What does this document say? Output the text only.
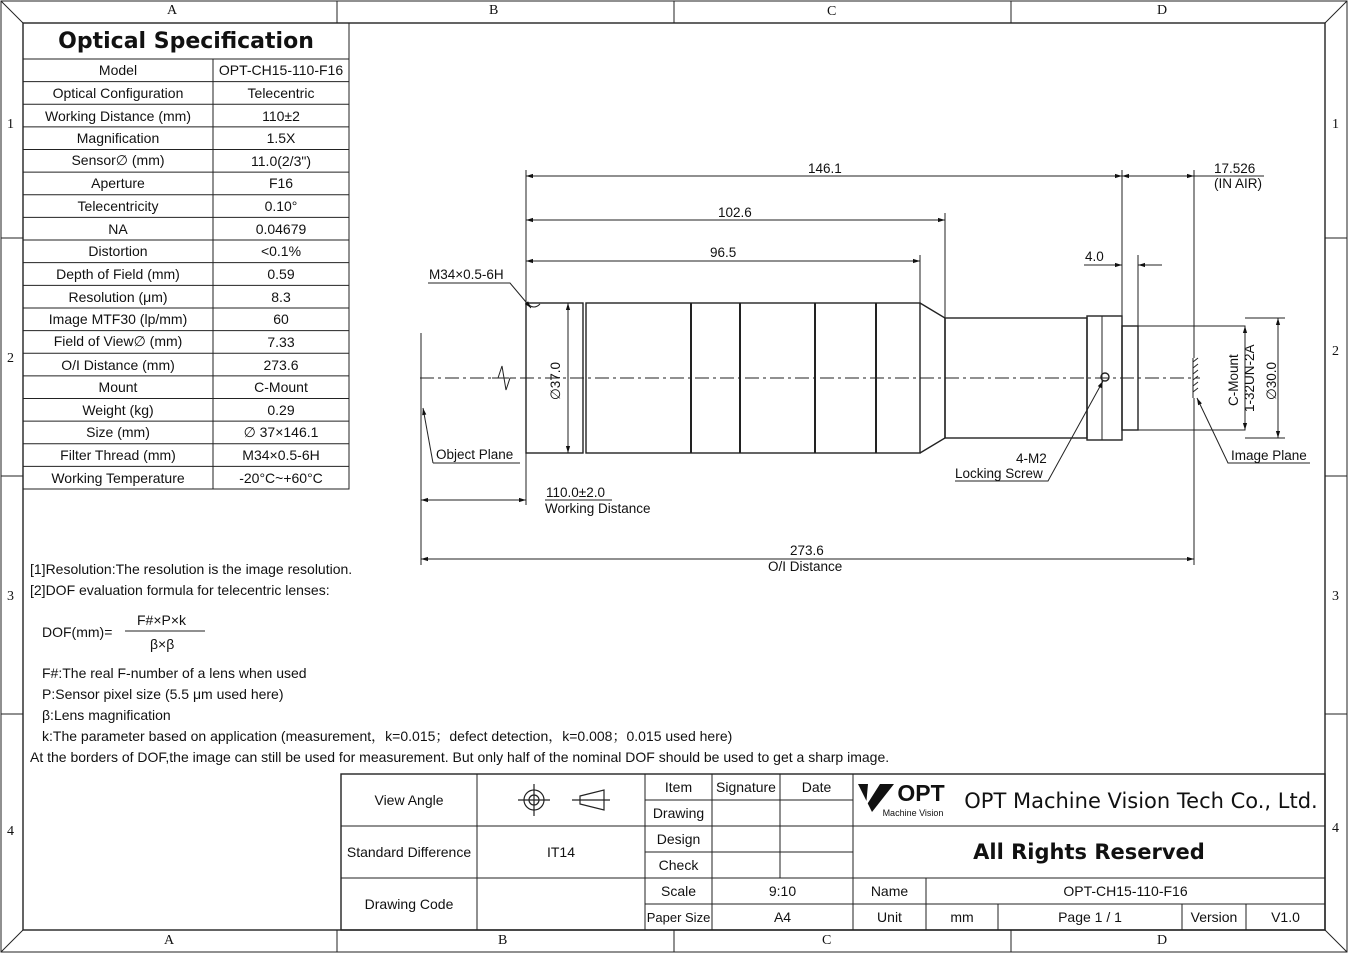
A	B	C	D
A	B	C	D
1
2
3
4
1
2
3
4
Optical Specification
Model	OPT-CH15-110-F16
Optical Configuration	Telecentric
Working Distance (mm)	110±2
Magnification	1.5X
Sensor∅ (mm)	11.0(2/3")
Aperture	F16
Telecentricity	0.10°
NA	0.04679
Distortion	<0.1%
Depth of Field (mm)	0.59
Resolution (μm)	8.3
Image MTF30 (lp/mm)	60
Field of View∅ (mm)	7.33
O/I Distance (mm)	273.6
Mount	C-Mount
Weight (kg)	0.29
Size (mm)	∅ 37×146.1
Filter Thread (mm)	M34×0.5-6H
Working Temperature	-20°C~+60°C
146.1	17.526
(IN AIR)
102.6
96.5	4.0
M34×0.5-6H
∅37.0	C-Mount 1-32UN-2A ∅30.0
Object Plane	Image Plane
4-M2
Locking Screw
110.0±2.0
Working Distance
273.6
O/I Distance
[1]Resolution:The resolution is the image resolution.
[2]DOF evaluation formula for telecentric lenses:
DOF(mm)=
F#×P×k
β×β
F#:The real F-number of a lens when used
P:Sensor pixel size (5.5 μm used here)
β:Lens magnification
k:The parameter based on application (measurement，k=0.015；defect detection，k=0.008；0.015 used here)
At the borders of DOF,the image can still be used for measurement. But only half of the nominal DOF should be used to get a sharp image.
View Angle
Standard Difference	IT14
Drawing Code
Item	Signature	Date
Drawing
Design
Check
Scale	9:10
Paper Size	A4
OPT
Machine Vision OPT Machine Vision Tech Co., Ltd.
All Rights Reserved
Name	OPT-CH15-110-F16
Unit	mm	Page 1 / 1	Version	V1.0
